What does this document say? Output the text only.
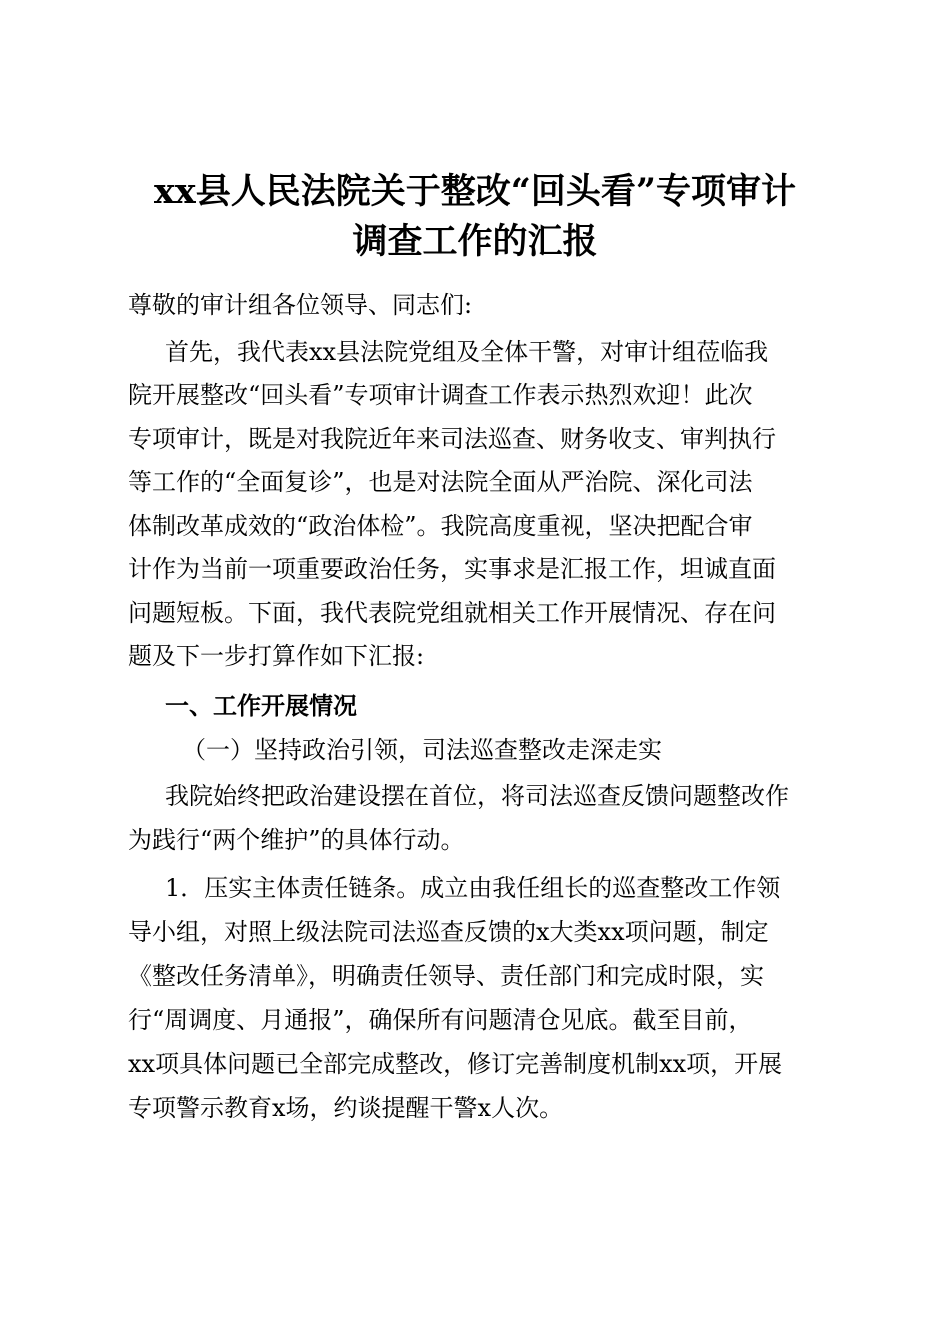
xx县人民法院关于整改“回头看”专项审计
调查工作的汇报
尊敬的审计组各位领导、同志们:
首先，我代表xx县法院党组及全体干警，对审计组莅临我
院开展整改“回头看”专项审计调查工作表示热烈欢迎！此次
专项审计，既是对我院近年来司法巡查、财务收支、审判执行
等工作的“全面复诊”，也是对法院全面从严治院、深化司法
体制改革成效的“政治体检”。我院高度重视，坚决把配合审
计作为当前一项重要政治任务，实事求是汇报工作，坦诚直面
问题短板。下面，我代表院党组就相关工作开展情况、存在问
题及下一步打算作如下汇报:
一、工作开展情况
（一）坚持政治引领，司法巡查整改走深走实
我院始终把政治建设摆在首位，将司法巡查反馈问题整改作
为践行“两个维护”的具体行动。
1．压实主体责任链条。成立由我任组长的巡查整改工作领
导小组，对照上级法院司法巡查反馈的x大类xx项问题，制定
《整改任务清单》，明确责任领导、责任部门和完成时限，实
行“周调度、月通报”，确保所有问题清仓见底。截至目前，
xx项具体问题已全部完成整改，修订完善制度机制xx项，开展
专项警示教育x场，约谈提醒干警x人次。
